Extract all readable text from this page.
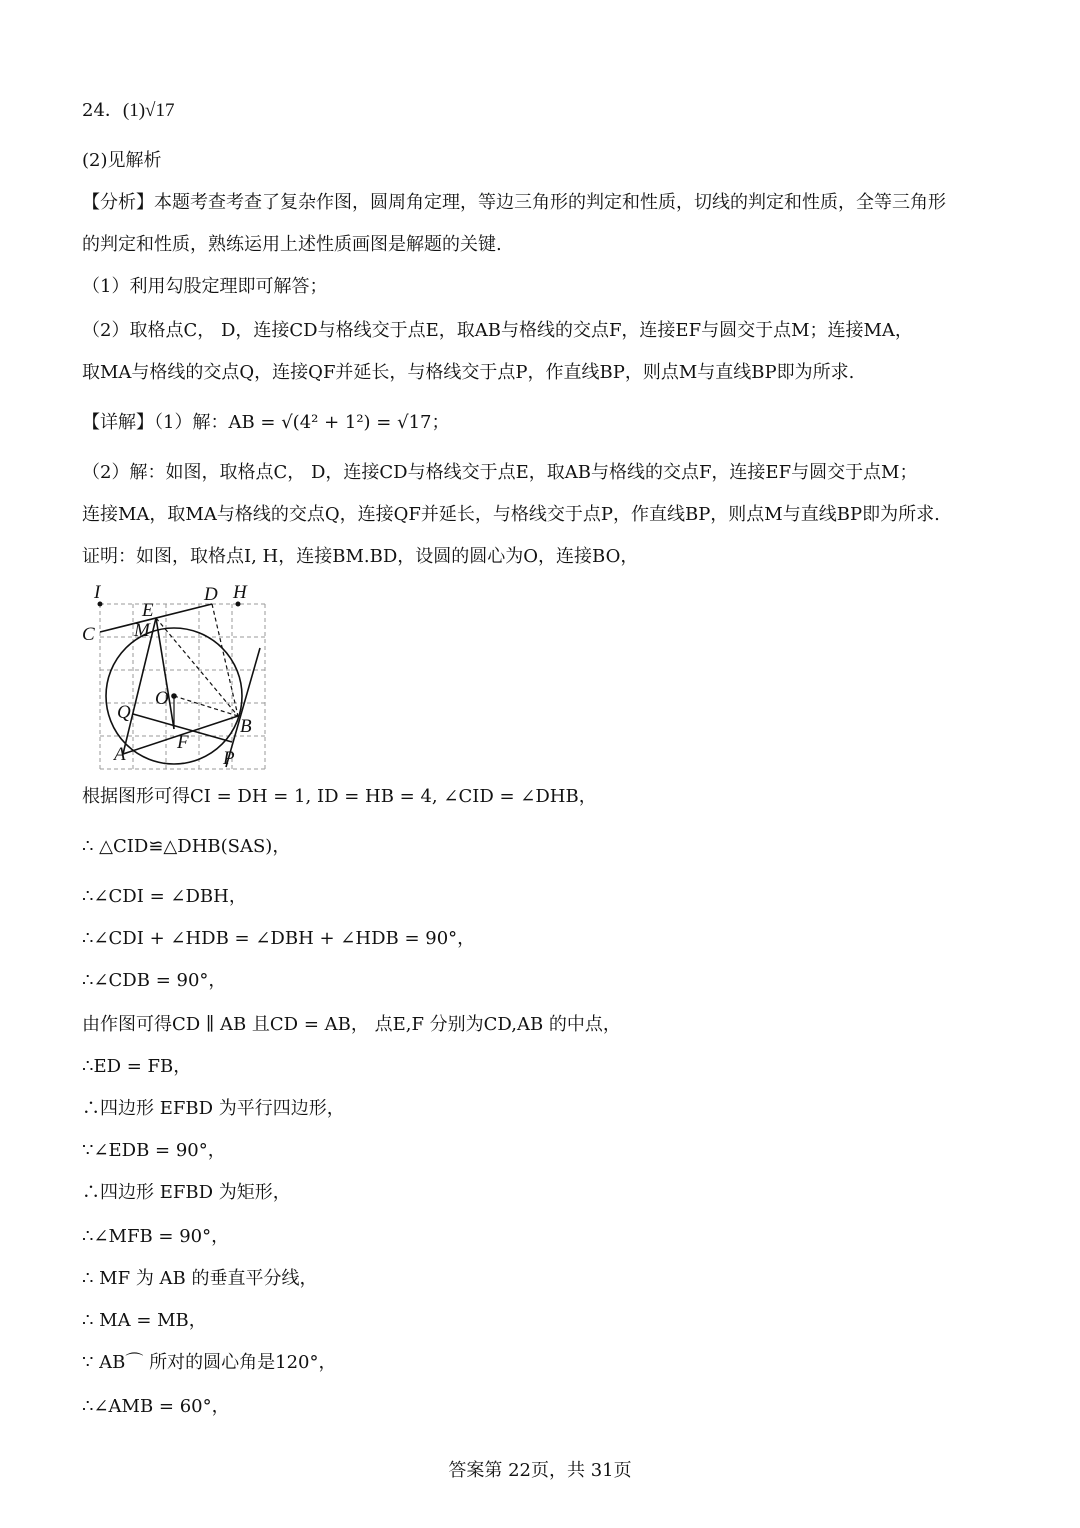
24．(1)√17
(2)见解析
【分析】本题考查考查了复杂作图，圆周角定理，等边三角形的判定和性质，切线的判定和性质，全等三角形
的判定和性质，熟练运用上述性质画图是解题的关键.
（1）利用勾股定理即可解答；
（2）取格点C， D，连接CD与格线交于点E，取AB与格线的交点F，连接EF与圆交于点M；连接MA，
取MA与格线的交点Q，连接QF并延长，与格线交于点P，作直线BP，则点M与直线BP即为所求.
【详解】（1）解：AB = √(4² + 1²) = √17；
（2）解：如图，取格点C， D，连接CD与格线交于点E，取AB与格线的交点F，连接EF与圆交于点M；
连接MA，取MA与格线的交点Q，连接QF并延长，与格线交于点P，作直线BP，则点M与直线BP即为所求.
证明：如图，取格点I, H，连接BM.BD，设圆的圆心为O，连接BO，
I	D H
E
C M
O
Q
B
F
A	P
根据图形可得CI = DH = 1, ID = HB = 4, ∠CID = ∠DHB，
∴ △CID≌△DHB(SAS)，
∴∠CDI = ∠DBH，
∴∠CDI + ∠HDB = ∠DBH + ∠HDB = 90°，
∴∠CDB = 90°，
由作图可得CD ∥ AB 且CD = AB， 点E,F 分别为CD,AB 的中点，
∴ED = FB，
∴四边形 EFBD 为平行四边形，
∵∠EDB = 90°，
∴四边形 EFBD 为矩形，
∴∠MFB = 90°，
∴ MF 为 AB 的垂直平分线，
∴ MA = MB，
∵ AB⌒ 所对的圆心角是120°，
∴∠AMB = 60°，
答案第 22页，共 31页
